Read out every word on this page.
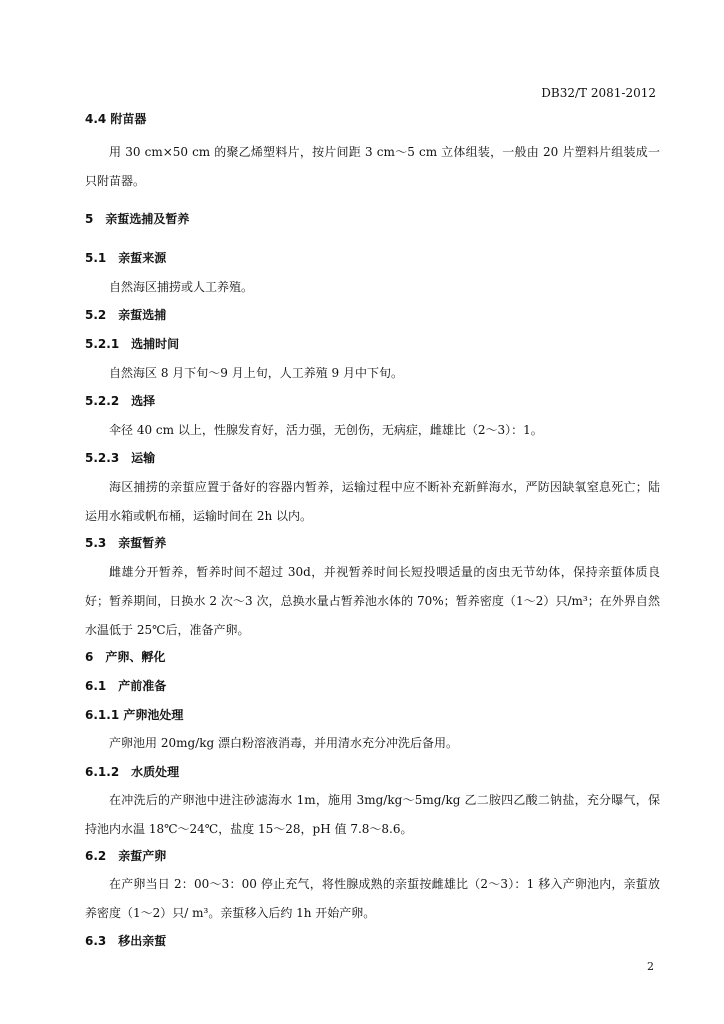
DB32/T 2081-2012
4.4 附苗器
用 30 cm×50 cm 的聚乙烯塑料片，按片间距 3 cm～5 cm 立体组装，一般由 20 片塑料片组装成一只附苗器。
5　亲蜇选捕及暂养
5.1　亲蜇来源
自然海区捕捞或人工养殖。
5.2　亲蜇选捕
5.2.1　选捕时间
自然海区 8 月下旬～9 月上旬，人工养殖 9 月中下旬。
5.2.2　选择
伞径 40 cm 以上，性腺发育好，活力强，无创伤，无病症，雌雄比（2～3）：1。
5.2.3　运输
海区捕捞的亲蜇应置于备好的容器内暂养，运输过程中应不断补充新鲜海水，严防因缺氧窒息死亡；陆运用水箱或帆布桶，运输时间在 2h 以内。
5.3　亲蜇暂养
雌雄分开暂养，暂养时间不超过 30d，并视暂养时间长短投喂适量的卤虫无节幼体，保持亲蜇体质良好；暂养期间，日换水 2 次～3 次，总换水量占暂养池水体的 70%；暂养密度（1～2）只/m³；在外界自然水温低于 25℃后，准备产卵。
6　产卵、孵化
6.1　产前准备
6.1.1 产卵池处理
产卵池用 20mg/kg 漂白粉溶液消毒，并用清水充分冲洗后备用。
6.1.2　水质处理
在冲洗后的产卵池中进注砂滤海水 1m，施用 3mg/kg～5mg/kg 乙二胺四乙酸二钠盐，充分曝气，保持池内水温 18℃～24℃，盐度 15～28，pH 值 7.8～8.6。
6.2　亲蜇产卵
在产卵当日 2：00～3：00 停止充气，将性腺成熟的亲蜇按雌雄比（2～3）：1 移入产卵池内，亲蜇放养密度（1～2）只/ m³。亲蜇移入后约 1h 开始产卵。
6.3　移出亲蜇
2
